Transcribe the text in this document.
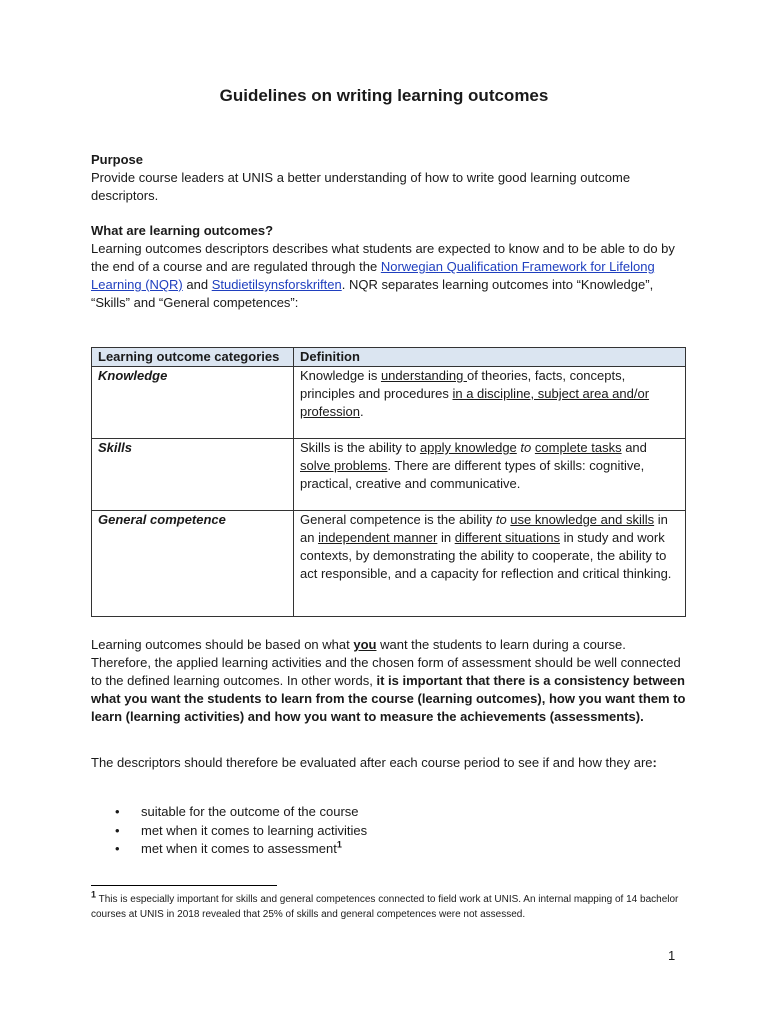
Guidelines on writing learning outcomes
Purpose
Provide course leaders at UNIS a better understanding of how to write good learning outcome descriptors.
What are learning outcomes?
Learning outcomes descriptors describes what students are expected to know and to be able to do by the end of a course and are regulated through the Norwegian Qualification Framework for Lifelong Learning (NQR) and Studietilsynsforskriften. NQR separates learning outcomes into “Knowledge”, “Skills” and “General competences”:
Learning outcome categories	Definition
Knowledge	Knowledge is understanding of theories, facts, concepts, principles and procedures in a discipline, subject area and/or profession.
Skills	Skills is the ability to apply knowledge to complete tasks and solve problems. There are different types of skills: cognitive, practical, creative and communicative.
General competence	General competence is the ability to use knowledge and skills in an independent manner in different situations in study and work contexts, by demonstrating the ability to cooperate, the ability to act responsible, and a capacity for reflection and critical thinking.
Learning outcomes should be based on what you want the students to learn during a course. Therefore, the applied learning activities and the chosen form of assessment should be well connected to the defined learning outcomes. In other words, it is important that there is a consistency between what you want the students to learn from the course (learning outcomes), how you want them to learn (learning activities) and how you want to measure the achievements (assessments).
The descriptors should therefore be evaluated after each course period to see if and how they are:
• suitable for the outcome of the course
• met when it comes to learning activities
• met when it comes to assessment$^1$
$^1$ This is especially important for skills and general competences connected to field work at UNIS. An internal mapping of 14 bachelor courses at UNIS in 2018 revealed that 25% of skills and general competences were not assessed.
1
